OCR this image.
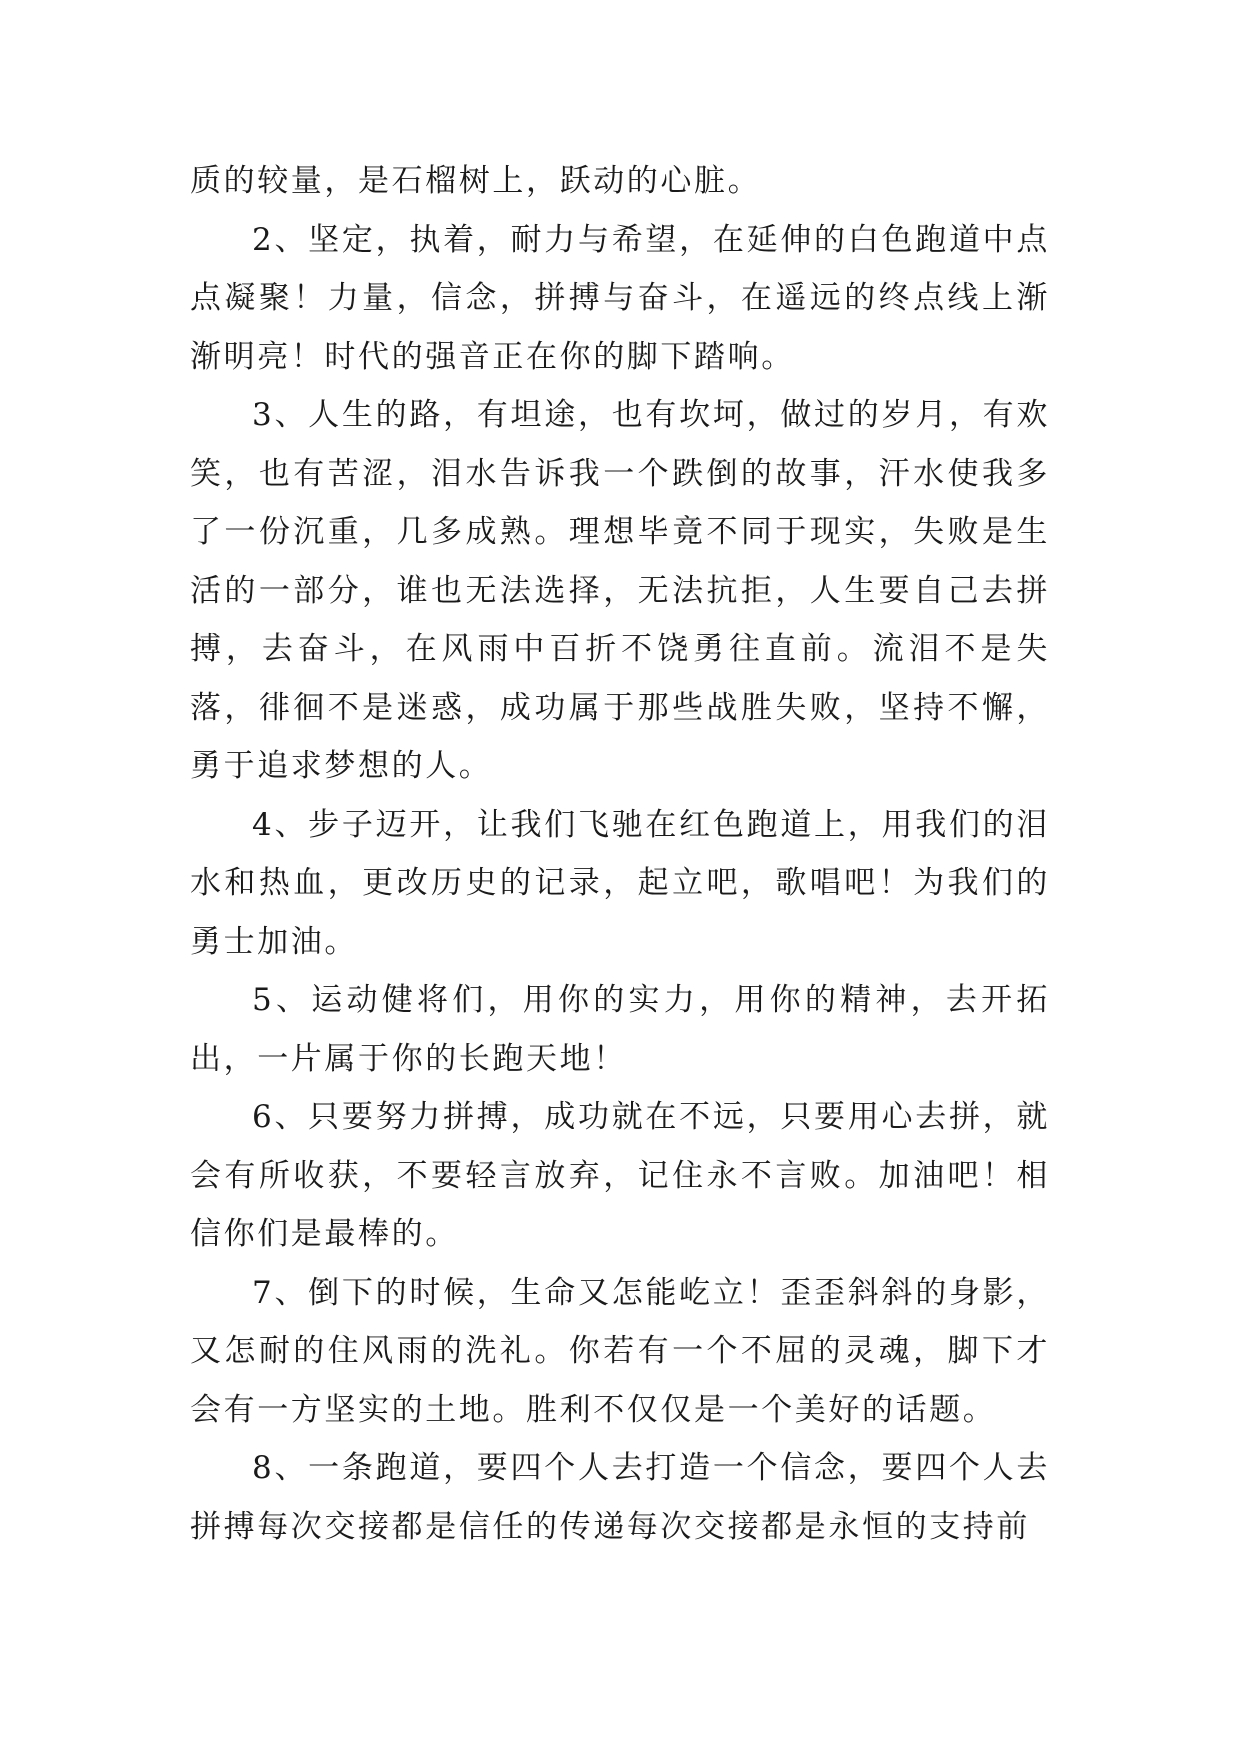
质的较量，是石榴树上，跃动的心脏。

2、坚定，执着，耐力与希望，在延伸的白色跑道中点点凝聚！力量，信念，拼搏与奋斗，在遥远的终点线上渐渐明亮！时代的强音正在你的脚下踏响。

3、人生的路，有坦途，也有坎坷，做过的岁月，有欢笑，也有苦涩，泪水告诉我一个跌倒的故事，汗水使我多了一份沉重，几多成熟。理想毕竟不同于现实，失败是生活的一部分，谁也无法选择，无法抗拒，人生要自己去拼搏，去奋斗，在风雨中百折不饶勇往直前。流泪不是失落，徘徊不是迷惑，成功属于那些战胜失败，坚持不懈，勇于追求梦想的人。

4、步子迈开，让我们飞驰在红色跑道上，用我们的泪水和热血，更改历史的记录，起立吧，歌唱吧！为我们的勇士加油。

5、运动健将们，用你的实力，用你的精神，去开拓出，一片属于你的长跑天地！

6、只要努力拼搏，成功就在不远，只要用心去拼，就会有所收获，不要轻言放弃，记住永不言败。加油吧！相信你们是最棒的。

7、倒下的时候，生命又怎能屹立！歪歪斜斜的身影，又怎耐的住风雨的洗礼。你若有一个不屈的灵魂，脚下才会有一方坚实的土地。胜利不仅仅是一个美好的话题。

8、一条跑道，要四个人去打造一个信念，要四个人去拼搏每次交接都是信任的传递每次交接都是永恒的支持前
